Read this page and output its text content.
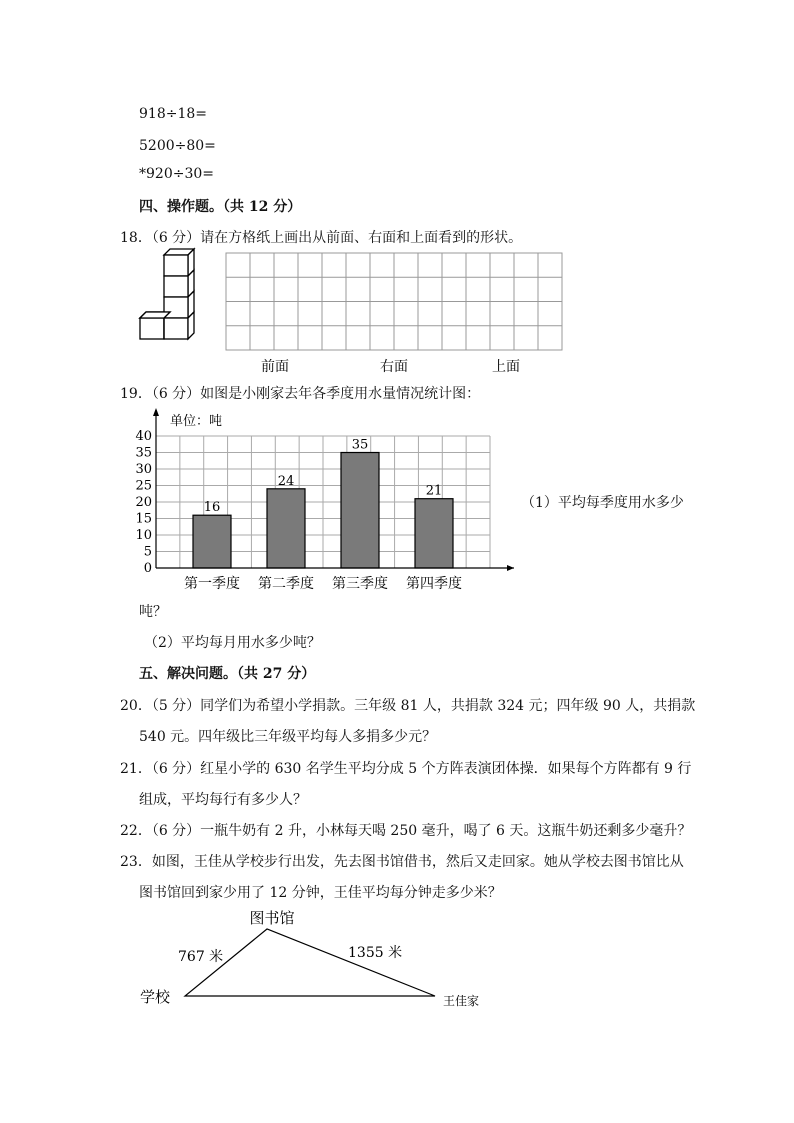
918÷18=
5200÷80=
*920÷30=
四、操作题。（共 12 分）
18．（6 分）请在方格纸上画出从前面、右面和上面看到的形状。
前面	右面	上面
19．（6 分）如图是小刚家去年各季度用水量情况统计图：
0
5
10
15
20
25
30
35
40
16
24
35
21
第一季度 第二季度 第三季度 第四季度
单位：吨
（1）平均每季度用水多少
吨？
（2）平均每月用水多少吨？
五、解决问题。（共 27 分）
20．（5 分）同学们为希望小学捐款。三年级 81 人，共捐款 324 元；四年级 90 人，共捐款
540 元。四年级比三年级平均每人多捐多少元？
21．（6 分）红星小学的 630 名学生平均分成 5 个方阵表演团体操．如果每个方阵都有 9 行
组成，平均每行有多少人？
22．（6 分）一瓶牛奶有 2 升，小林每天喝 250 毫升，喝了 6 天。这瓶牛奶还剩多少毫升？
23．如图，王佳从学校步行出发，先去图书馆借书，然后又走回家。她从学校去图书馆比从
图书馆回到家少用了 12 分钟，王佳平均每分钟走多少米？
图书馆
学校	王佳家
767 米	1355 米
